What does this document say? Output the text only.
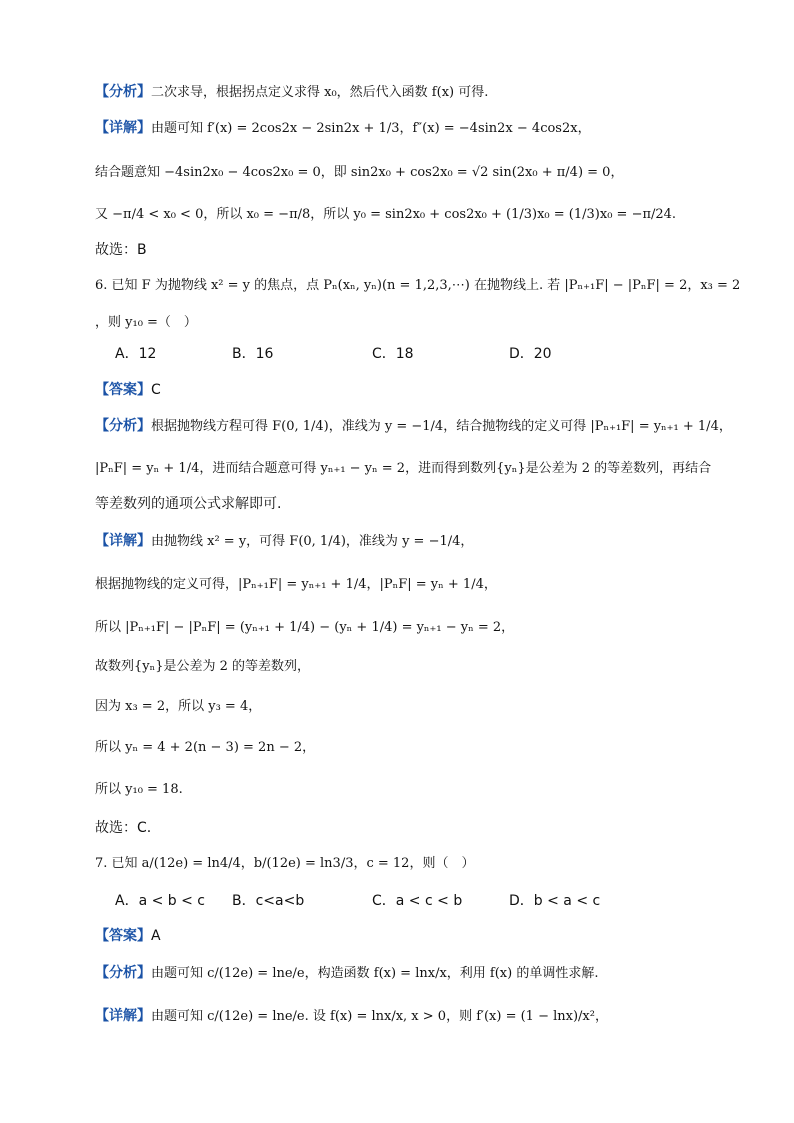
【分析】二次求导，根据拐点定义求得 x₀，然后代入函数 f(x) 可得.
【详解】由题可知 f′(x) = 2cos2x − 2sin2x + 1/3，f″(x) = −4sin2x − 4cos2x，
结合题意知 −4sin2x₀ − 4cos2x₀ = 0，即 sin2x₀ + cos2x₀ = √2 sin(2x₀ + π/4) = 0，
又 −π/4 < x₀ < 0，所以 x₀ = −π/8，所以 y₀ = sin2x₀ + cos2x₀ + (1/3)x₀ = (1/3)x₀ = −π/24.
故选：B
6. 已知 F 为抛物线 x² = y 的焦点，点 Pₙ(xₙ, yₙ)(n = 1,2,3,⋯) 在抛物线上. 若 |Pₙ₊₁F| − |PₙF| = 2，x₃ = 2
，则 y₁₀ =（　）
A．12	B．16	C．18	D．20
【答案】C
【分析】根据抛物线方程可得 F(0, 1/4)，准线为 y = −1/4，结合抛物线的定义可得 |Pₙ₊₁F| = yₙ₊₁ + 1/4，
|PₙF| = yₙ + 1/4，进而结合题意可得 yₙ₊₁ − yₙ = 2，进而得到数列{yₙ}是公差为 2 的等差数列，再结合
等差数列的通项公式求解即可.
【详解】由抛物线 x² = y，可得 F(0, 1/4)，准线为 y = −1/4，
根据抛物线的定义可得，|Pₙ₊₁F| = yₙ₊₁ + 1/4，|PₙF| = yₙ + 1/4，
所以 |Pₙ₊₁F| − |PₙF| = (yₙ₊₁ + 1/4) − (yₙ + 1/4) = yₙ₊₁ − yₙ = 2，
故数列{yₙ}是公差为 2 的等差数列，
因为 x₃ = 2，所以 y₃ = 4，
所以 yₙ = 4 + 2(n − 3) = 2n − 2，
所以 y₁₀ = 18.
故选：C.
7. 已知 a/(12e) = ln4/4，b/(12e) = ln3/3，c = 12，则（　）
A．a < b < c B．c<a<b	C．a < c < b	D．b < a < c
【答案】A
【分析】由题可知 c/(12e) = lne/e，构造函数 f(x) = lnx/x，利用 f(x) 的单调性求解.
【详解】由题可知 c/(12e) = lne/e. 设 f(x) = lnx/x, x > 0，则 f′(x) = (1 − lnx)/x²，
